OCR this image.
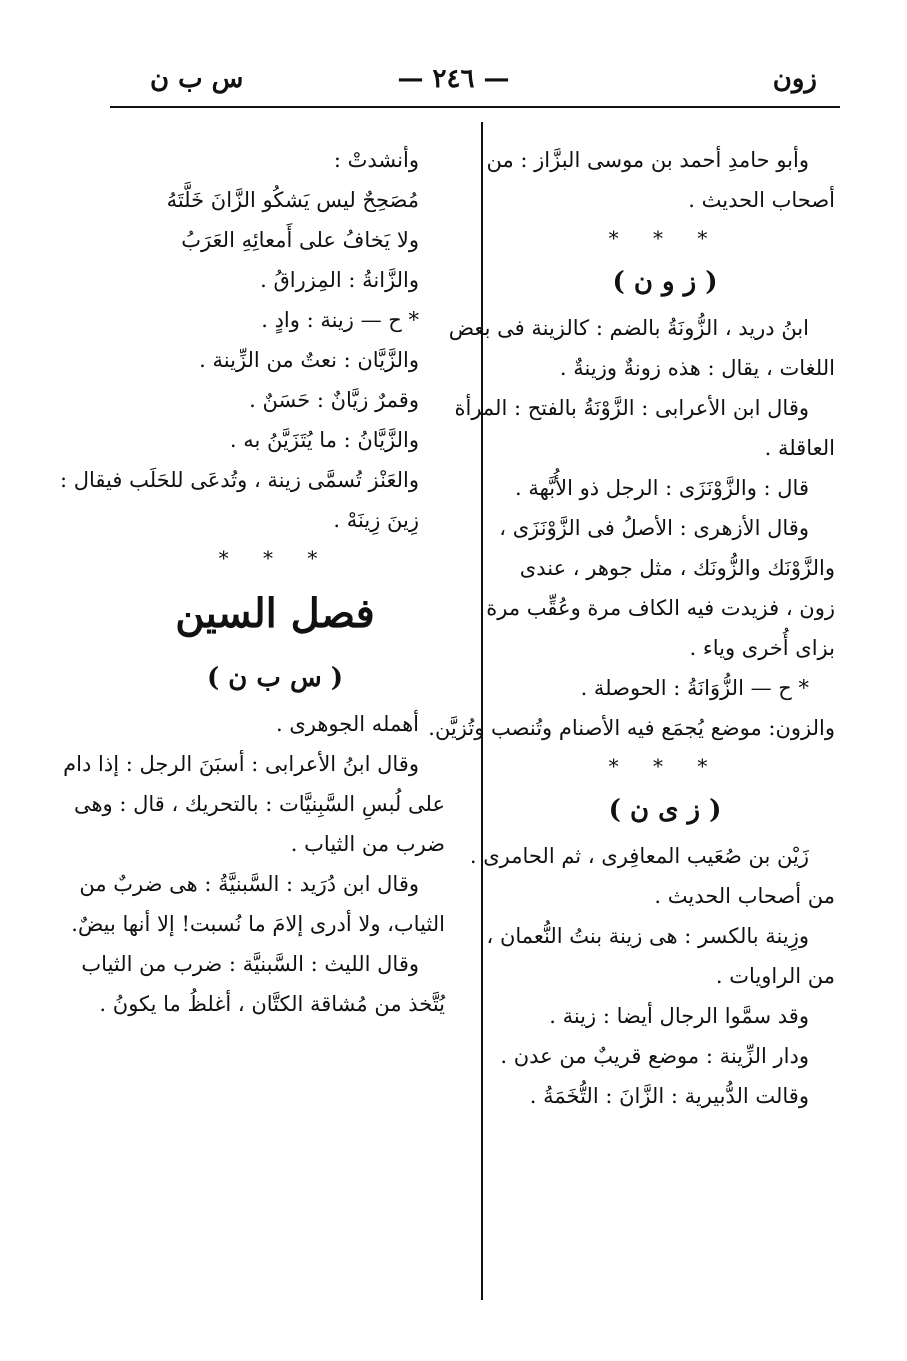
زون
— ٢٤٦ —
س ب ن
وأبو حامدِ أحمد بن موسى البزَّاز : من
أصحاب الحديث .
* * *
( ز و ن )
ابنُ دريد ، الزُّونَةُ بالضم : كالزينة فى بعض
اللغات ، يقال : هذه زونةٌ وزينةٌ .
وقال ابن الأعرابى : الزَّوْنَةُ بالفتح : المرأة
العاقلة .
قال : والزَّوْنَزَى : الرجل ذو الأُبَّهة .
وقال الأزهرى : الأصلُ فى الزَّوْنَزَى ،
والزَّوْنَك والزُّونَك ، مثل جوهر ، عندى
زون ، فزيدت فيه الكاف مرة وعُقِّب مرة
بزاى أُخرى وياء .
* ح — الزُّوَانَةُ : الحوصلة .
والزون: موضع يُجمَع فيه الأصنام وتُنصب وتُزيَّن.
* * *
( ز ى ن )
زَيْن بن صُعَيب المعافِرى ، ثم الحامرى .
من أصحاب الحديث .
وزِينة بالكسر : هى زينة بنتُ النُّعمان ،
من الراويات .
وقد سمَّوا الرجال أيضا : زينة .
ودار الزِّينة : موضع قريبٌ من عدن .
وقالت الدُّبيرية : الزَّانَ : التُّخَمَةُ .
وأنشدتْ :
مُصَحِحٌ ليس يَشكُو الزَّانَ خَلَّتَهُ
ولا يَخافُ على أَمعائِهِ العَرَبُ
والزَّانةُ : المِزراقُ .
* ح — زينة : وادٍ .
والزَّيَّان : نعتٌ من الزِّينة .
وقمرٌ زيَّانٌ : حَسَنٌ .
والزَّيَّانُ : ما يُتَزَيَّنُ به .
والعَنْز تُسمَّى زينة ، وتُدعَى للحَلَب فيقال :
زِينَ زِينَهْ .
* * *
فصل السين
( س ب ن )
أهمله الجوهرى .
وقال ابنُ الأعرابى : أسبَنَ الرجل : إذا دام
على لُبسِ السَّبِنيَّات : بالتحريك ، قال : وهى
ضرب من الثياب .
وقال ابن دُرَيد : السَّبنيَّةُ : هى ضربٌ من
الثياب، ولا أدرى إلامَ ما نُسبت! إلا أنها بيضٌ.
وقال الليث : السَّبنيَّة : ضرب من الثياب
يُتَّخذ من مُشاقة الكتَّان ، أغلظُ ما يكونُ .
